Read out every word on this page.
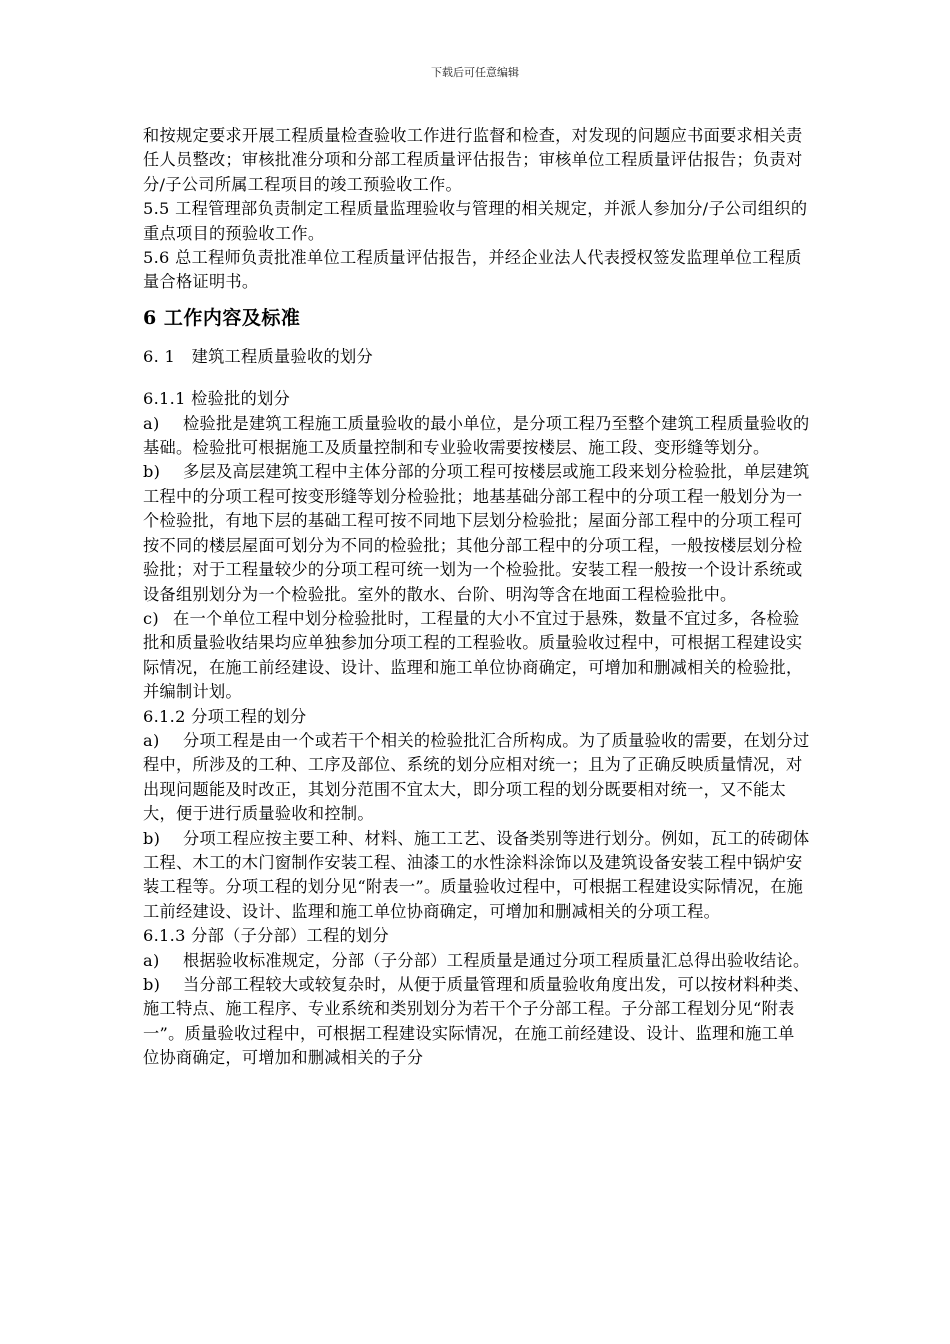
下载后可任意编辑

和按规定要求开展工程质量检查验收工作进行监督和检查，对发现的问题应书面要求相关责任人员整改；审核批准分项和分部工程质量评估报告；审核单位工程质量评估报告；负责对分/子公司所属工程项目的竣工预验收工作。

5.5 工程管理部负责制定工程质量监理验收与管理的相关规定，并派人参加分/子公司组织的重点项目的预验收工作。

5.6 总工程师负责批准单位工程质量评估报告，并经企业法人代表授权签发监理单位工程质量合格证明书。

6 工作内容及标准

6. 1　建筑工程质量验收的划分

6.1.1 检验批的划分

a) 检验批是建筑工程施工质量验收的最小单位，是分项工程乃至整个建筑工程质量验收的基础。检验批可根据施工及质量控制和专业验收需要按楼层、施工段、变形缝等划分。

b) 多层及高层建筑工程中主体分部的分项工程可按楼层或施工段来划分检验批，单层建筑工程中的分项工程可按变形缝等划分检验批；地基基础分部工程中的分项工程一般划分为一个检验批，有地下层的基础工程可按不同地下层划分检验批；屋面分部工程中的分项工程可按不同的楼层屋面可划分为不同的检验批；其他分部工程中的分项工程，一般按楼层划分检验批；对于工程量较少的分项工程可统一划为一个检验批。安装工程一般按一个设计系统或设备组别划分为一个检验批。室外的散水、台阶、明沟等含在地面工程检验批中。

c) 在一个单位工程中划分检验批时，工程量的大小不宜过于悬殊，数量不宜过多，各检验批和质量验收结果均应单独参加分项工程的工程验收。质量验收过程中，可根据工程建设实际情况，在施工前经建设、设计、监理和施工单位协商确定，可增加和删减相关的检验批，并编制计划。

6.1.2 分项工程的划分

a) 分项工程是由一个或若干个相关的检验批汇合所构成。为了质量验收的需要，在划分过程中，所涉及的工种、工序及部位、系统的划分应相对统一；且为了正确反映质量情况，对出现问题能及时改正，其划分范围不宜太大，即分项工程的划分既要相对统一，又不能太大，便于进行质量验收和控制。

b) 分项工程应按主要工种、材料、施工工艺、设备类别等进行划分。例如，瓦工的砖砌体工程、木工的木门窗制作安装工程、油漆工的水性涂料涂饰以及建筑设备安装工程中锅炉安装工程等。分项工程的划分见“附表一”。质量验收过程中，可根据工程建设实际情况，在施工前经建设、设计、监理和施工单位协商确定，可增加和删减相关的分项工程。

6.1.3 分部（子分部）工程的划分

a) 根据验收标准规定，分部（子分部）工程质量是通过分项工程质量汇总得出验收结论。

b) 当分部工程较大或较复杂时，从便于质量管理和质量验收角度出发，可以按材料种类、施工特点、施工程序、专业系统和类别划分为若干个子分部工程。子分部工程划分见“附表一”。质量验收过程中，可根据工程建设实际情况，在施工前经建设、设计、监理和施工单位协商确定，可增加和删减相关的子分
